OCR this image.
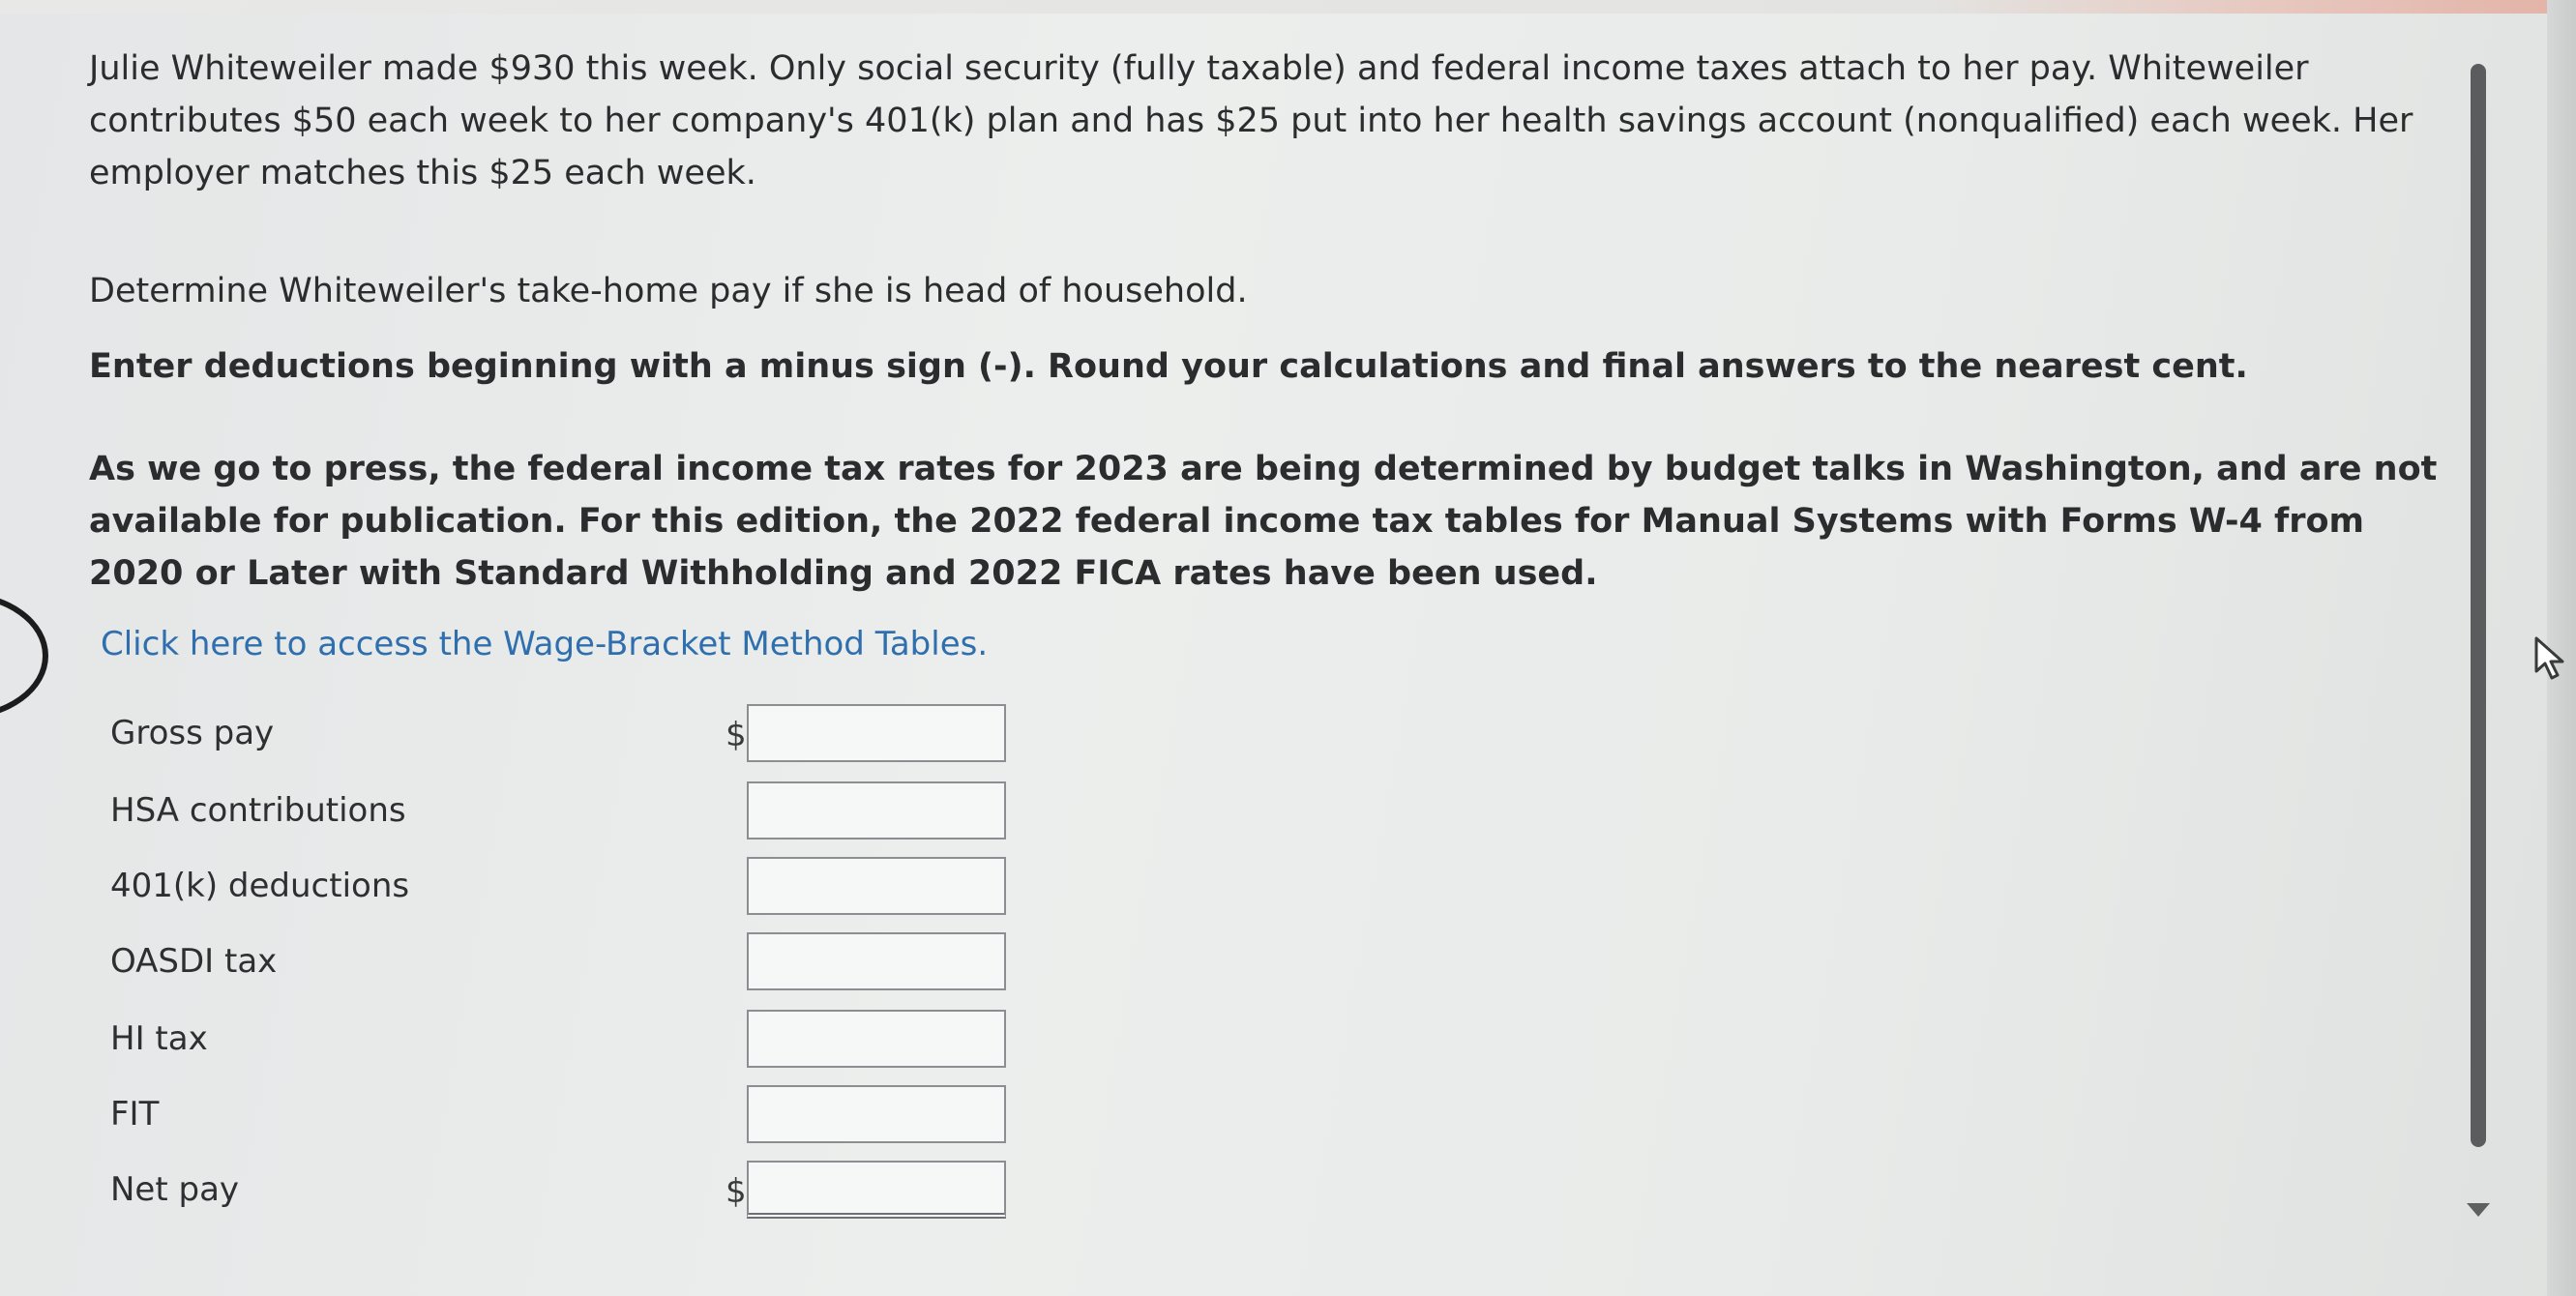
Julie Whiteweiler made $930 this week. Only social security (fully taxable) and federal income taxes attach to her pay. Whiteweiler contributes $50 each week to her company's 401(k) plan and has $25 put into her health savings account (nonqualified) each week. Her employer matches this $25 each week.

Determine Whiteweiler's take-home pay if she is head of household.

Enter deductions beginning with a minus sign (-). Round your calculations and final answers to the nearest cent.

As we go to press, the federal income tax rates for 2023 are being determined by budget talks in Washington, and are not available for publication. For this edition, the 2022 federal income tax tables for Manual Systems with Forms W-4 from 2020 or Later with Standard Withholding and 2022 FICA rates have been used.

Click here to access the Wage-Bracket Method Tables.
Gross pay	$
HSA contributions
401(k) deductions
OASDI tax
HI tax
FIT
Net pay	$
